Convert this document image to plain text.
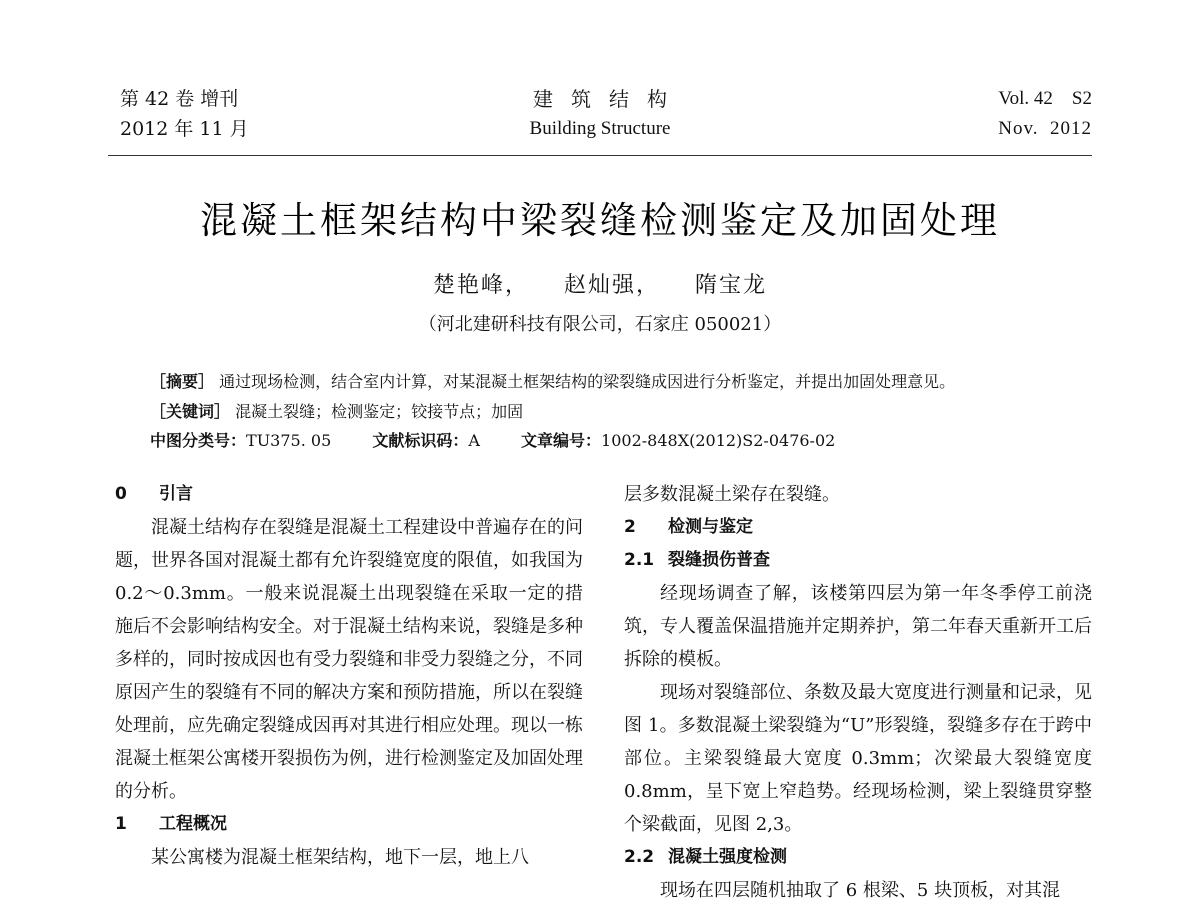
第 42 卷 增刊
2012 年 11 月
建筑结构
Building Structure
Vol. 42    S2
Nov.  2012
混凝土框架结构中梁裂缝检测鉴定及加固处理
楚艳峰， 赵灿强， 隋宝龙
（河北建研科技有限公司，石家庄 050021）
［摘要］ 通过现场检测，结合室内计算，对某混凝土框架结构的梁裂缝成因进行分析鉴定，并提出加固处理意见。
［关键词］ 混凝土裂缝；检测鉴定；铰接节点；加固
中图分类号：TU375. 05	文献标识码：A	文章编号：1002-848X(2012)S2-0476-02
0 引言

混凝土结构存在裂缝是混凝土工程建设中普遍存在的问题，世界各国对混凝土都有允许裂缝宽度的限值，如我国为 0.2～0.3mm。一般来说混凝土出现裂缝在采取一定的措施后不会影响结构安全。对于混凝土结构来说，裂缝是多种多样的，同时按成因也有受力裂缝和非受力裂缝之分，不同原因产生的裂缝有不同的解决方案和预防措施，所以在裂缝处理前，应先确定裂缝成因再对其进行相应处理。现以一栋混凝土框架公寓楼开裂损伤为例，进行检测鉴定及加固处理的分析。

1 工程概况

某公寓楼为混凝土框架结构，地下一层，地上八

层多数混凝土梁存在裂缝。

2 检测与鉴定
2.1 裂缝损伤普查

经现场调查了解，该楼第四层为第一年冬季停工前浇筑，专人覆盖保温措施并定期养护，第二年春天重新开工后拆除的模板。

现场对裂缝部位、条数及最大宽度进行测量和记录，见图 1。多数混凝土梁裂缝为“U”形裂缝，裂缝多存在于跨中部位。主梁裂缝最大宽度 0.3mm；次梁最大裂缝宽度 0.8mm，呈下宽上窄趋势。经现场检测，梁上裂缝贯穿整个梁截面，见图 2,3。

2.2 混凝土强度检测

现场在四层随机抽取了 6 根梁、5 块顶板，对其混
